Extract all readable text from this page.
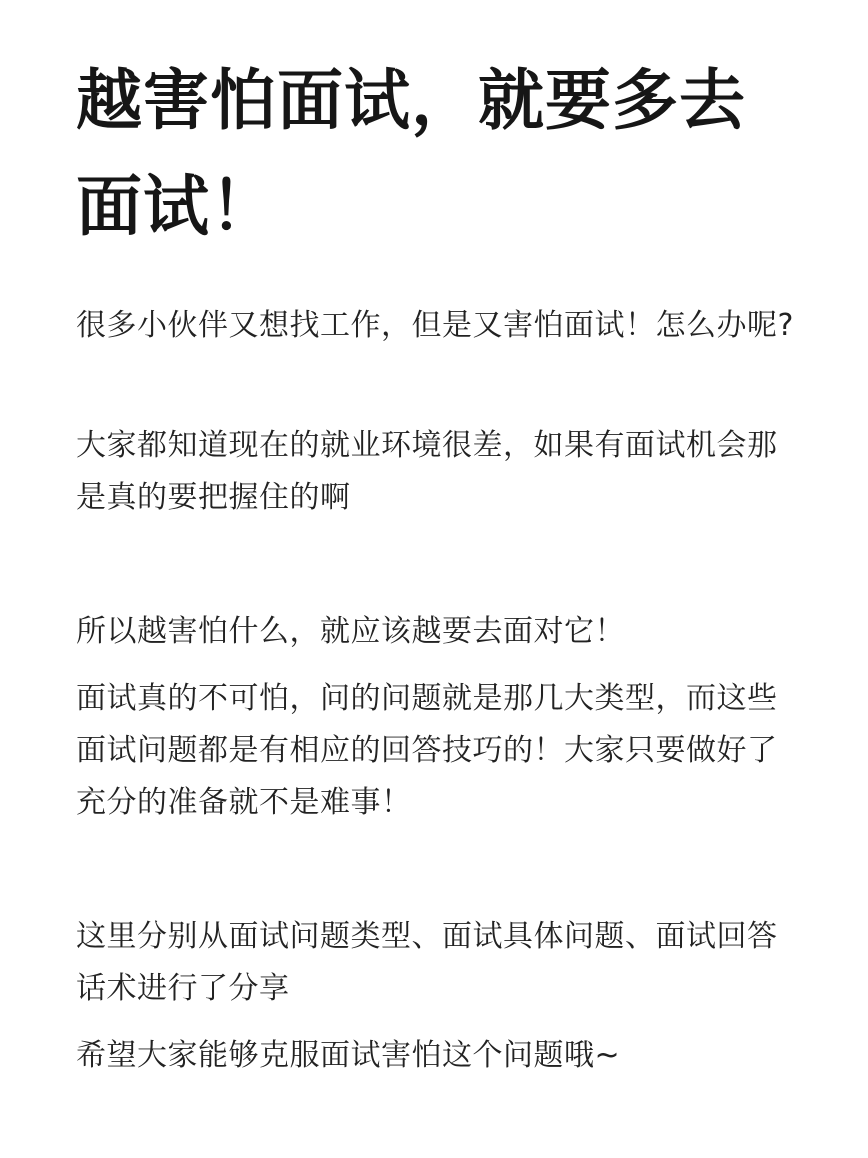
越害怕面试，就要多去面试！

很多小伙伴又想找工作，但是又害怕面试！怎么办呢?

大家都知道现在的就业环境很差，如果有面试机会那是真的要把握住的啊

所以越害怕什么，就应该越要去面对它！

面试真的不可怕，问的问题就是那几大类型，而这些面试问题都是有相应的回答技巧的！大家只要做好了充分的准备就不是难事！

这里分别从面试问题类型、面试具体问题、面试回答话术进行了分享

希望大家能够克服面试害怕这个问题哦~
